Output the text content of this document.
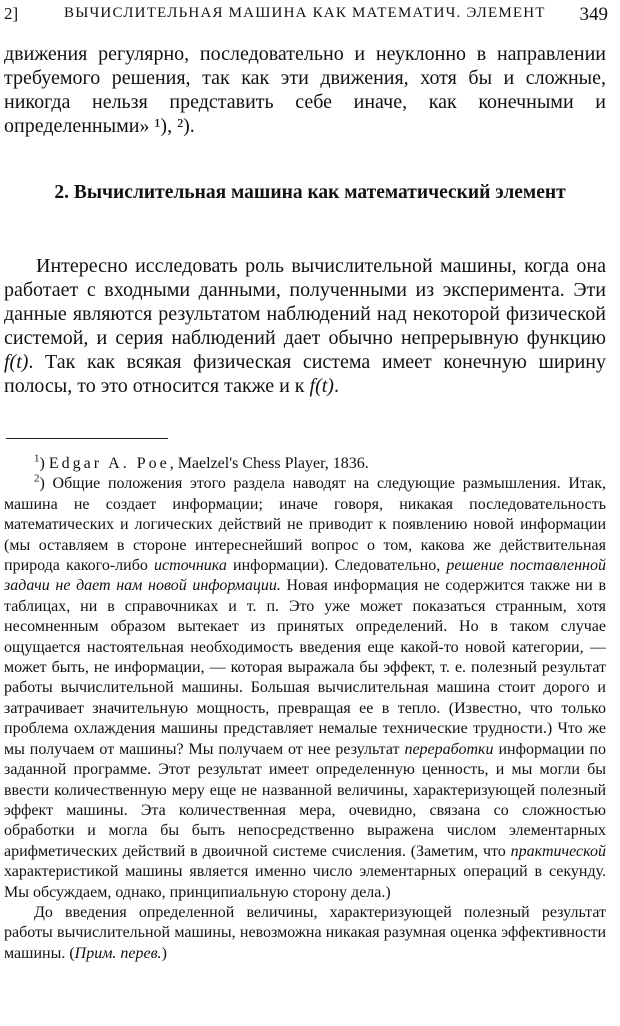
2]	ВЫЧИСЛИТЕЛЬНАЯ МАШИНА КАК МАТЕМАТИЧ. ЭЛЕМЕНТ 349

движения регулярно, последовательно и неуклонно в направлении требуемого решения, так как эти движения, хотя бы и сложные, никогда нельзя представить себе иначе, как конечными и определенными» ¹), ²).

2. Вычислительная машина как математический элемент

Интересно исследовать роль вычислительной машины, когда она работает с входными данными, полученными из эксперимента. Эти данные являются результатом наблюдений над некоторой физической системой, и серия наблюдений дает обычно непрерывную функцию f(t). Так как всякая физическая система имеет конечную ширину полосы, то это относится также и к f(t).

$^1$) Edgar A. Poe, Maelzel's Chess Player, 1836.

$^2$) Общие положения этого раздела наводят на следующие размышления. Итак, машина не создает информации; иначе говоря, никакая последовательность математических и логических действий не приводит к появлению новой информации (мы оставляем в стороне интереснейший вопрос о том, какова же действительная природа какого-либо источника информации). Следовательно, решение поставленной задачи не дает нам новой информации. Новая информация не содержится также ни в таблицах, ни в справочниках и т. п. Это уже может показаться странным, хотя несомненным образом вытекает из принятых определений. Но в таком случае ощущается настоятельная необходимость введения еще какой-то новой категории, — может быть, не информации, — которая выражала бы эффект, т. е. полезный результат работы вычислительной машины. Большая вычислительная машина стоит дорого и затрачивает значительную мощность, превращая ее в тепло. (Известно, что только проблема охлаждения машины представляет немалые технические трудности.) Что же мы получаем от машины? Мы получаем от нее результат переработки информации по заданной программе. Этот результат имеет определенную ценность, и мы могли бы ввести количественную меру еще не названной величины, характеризующей полезный эффект машины. Эта количественная мера, очевидно, связана со сложностью обработки и могла бы быть непосредственно выражена числом элементарных арифметических действий в двоичной системе счисления. (Заметим, что практической характеристикой машины является именно число элементарных операций в секунду. Мы обсуждаем, однако, принципиальную сторону дела.)

До введения определенной величины, характеризующей полезный результат работы вычислительной машины, невозможна никакая разумная оценка эффективности машины. (Прим. перев.)
